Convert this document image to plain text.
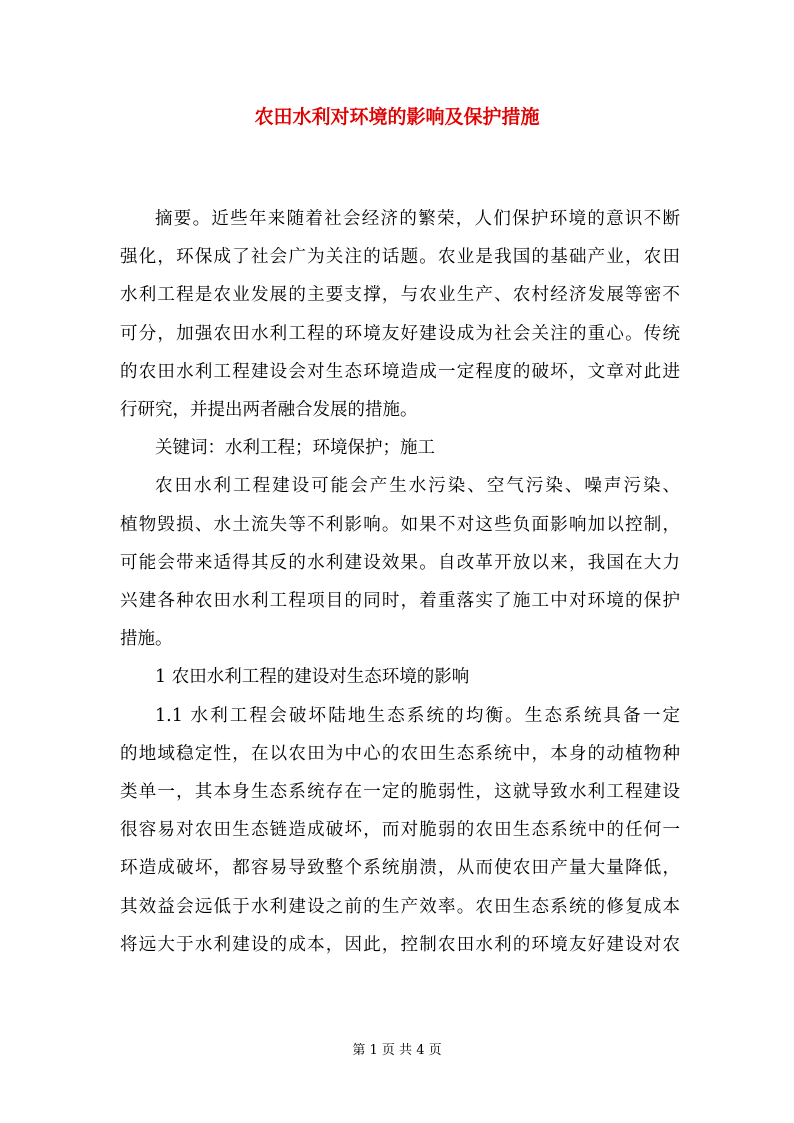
农田水利对环境的影响及保护措施
摘要。近些年来随着社会经济的繁荣，人们保护环境的意识不断
强化，环保成了社会广为关注的话题。农业是我国的基础产业，农田
水利工程是农业发展的主要支撑，与农业生产、农村经济发展等密不
可分，加强农田水利工程的环境友好建设成为社会关注的重心。传统
的农田水利工程建设会对生态环境造成一定程度的破坏，文章对此进
行研究，并提出两者融合发展的措施。
关键词：水利工程；环境保护；施工
农田水利工程建设可能会产生水污染、空气污染、噪声污染、
植物毁损、水土流失等不利影响。如果不对这些负面影响加以控制，
可能会带来适得其反的水利建设效果。自改革开放以来，我国在大力
兴建各种农田水利工程项目的同时，着重落实了施工中对环境的保护
措施。
1 农田水利工程的建设对生态环境的影响
1.1 水利工程会破坏陆地生态系统的均衡。生态系统具备一定
的地域稳定性，在以农田为中心的农田生态系统中，本身的动植物种
类单一，其本身生态系统存在一定的脆弱性，这就导致水利工程建设
很容易对农田生态链造成破坏，而对脆弱的农田生态系统中的任何一
环造成破坏，都容易导致整个系统崩溃，从而使农田产量大量降低，
其效益会远低于水利建设之前的生产效率。农田生态系统的修复成本
将远大于水利建设的成本，因此，控制农田水利的环境友好建设对农
第 1 页 共 4 页
